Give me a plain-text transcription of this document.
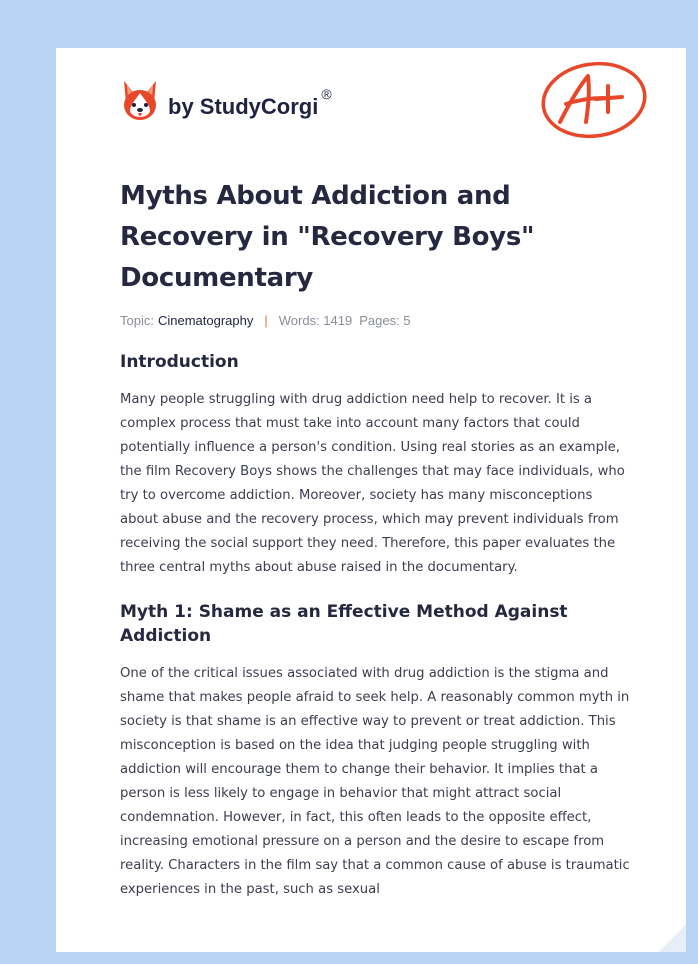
by StudyCorgi ®
Myths About Addiction and Recovery in "Recovery Boys" Documentary
Topic: Cinematography | Words: 1419 Pages: 5
Introduction

Many people struggling with drug addiction need help to recover. It is a complex process that must take into account many factors that could potentially influence a person's condition. Using real stories as an example, the film Recovery Boys shows the challenges that may face individuals, who try to overcome addiction. Moreover, society has many misconceptions about abuse and the recovery process, which may prevent individuals from receiving the social support they need. Therefore, this paper evaluates the three central myths about abuse raised in the documentary.

Myth 1: Shame as an Effective Method Against Addiction

One of the critical issues associated with drug addiction is the stigma and shame that makes people afraid to seek help. A reasonably common myth in society is that shame is an effective way to prevent or treat addiction. This misconception is based on the idea that judging people struggling with addiction will encourage them to change their behavior. It implies that a person is less likely to engage in behavior that might attract social condemnation. However, in fact, this often leads to the opposite effect, increasing emotional pressure on a person and the desire to escape from reality. Characters in the film say that a common cause of abuse is traumatic experiences in the past, such as sexual
